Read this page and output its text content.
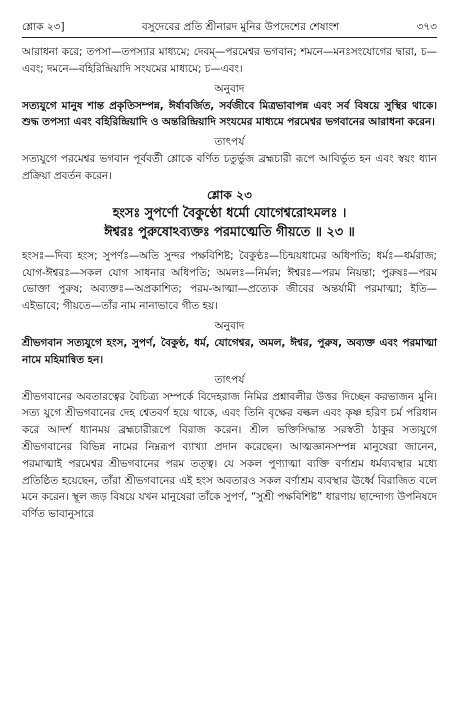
শ্লোক ২৩]	বসুদেবের প্রতি শ্রীনারদ মুনির উপদেশের শেষাংশ	৩৭৩

আরাধনা করে; তপসা—তপস্যার মাধ্যমে; দেবম্—পরমেশ্বর ভগবান; শমনে—মনঃসংযোগের দ্বারা, চ—এবং; দমনে—বহিরিন্দ্রিয়াদি সংযমের মাধ্যমে; চ—এবং।

অনুবাদ

সত্যযুগে মানুষ শান্ত প্রকৃতিসম্পন্ন, ঈর্ষাবর্জিত, সর্বজীবে মিত্রভাবাপন্ন এবং সর্ব বিষয়ে সুস্থির থাকে। শুদ্ধ তপস্যা এবং বহিরিন্দ্রিয়াদি ও অন্তরিন্দ্রিয়াদি সংযমের মাধ্যমে পরমেশ্বর ভগবানের আরাধনা করেন।

তাৎপর্য

সত্যযুগে পরমেশ্বর ভগবান পূর্ববর্তী শ্লোকে বর্ণিত চতুর্ভুজ ব্রহ্মচারী রূপে আবির্ভূত হন এবং স্বয়ং ধ্যান প্রক্রিয়া প্রবর্তন করেন।

শ্লোক ২৩
হংসঃ সুপর্ণো বৈকুণ্ঠো ধর্মো যোগেশ্বরোঽমলঃ ।
ঈশ্বরঃ পুরুষোঽব্যক্তঃ পরমাত্মেতি গীয়তে ॥ ২৩ ॥

হংসঃ—দিব্য হংস; সুপর্ণঃ—অতি সুন্দর পক্ষবিশিষ্ট; বৈকুণ্ঠঃ—চিন্ময়ধামের অধিপতি; ধর্মঃ—ধর্মরাজ; যোগ-ঈশ্বরঃ—সকল যোগ সাধনার অধিপতি; অমলঃ—নির্মল; ঈশ্বরঃ—পরম নিয়ন্তা; পুরুষঃ—পরম ভোক্তা পুরুষ; অব্যক্তঃ—অপ্রকাশিত; পরম-আত্মা—প্রত্যেক জীবের অন্তর্যামী পরমাত্মা; ইতি—এইভাবে; গীয়তে—তাঁর নাম নানাভাবে গীত হয়।

অনুবাদ

শ্রীভগবান সত্যযুগে হংস, সুপর্ণ, বৈকুণ্ঠ, ধর্ম, যোগেশ্বর, অমল, ঈশ্বর, পুরুষ, অব্যক্ত এবং পরমাত্মা নামে মহিমান্বিত হন।

তাৎপর্য

শ্রীভগবানের অবতারত্বের বৈচিত্র্য সম্পর্কে বিদেহরাজ নিমির প্রশ্নাবলীর উত্তর দিচ্ছেন করভাজন মুনি। সত্য যুগে শ্রীভগবানের দেহ শ্বেতবর্ণ হয়ে থাকে, এবং তিনি বৃক্ষের বল্কল এবং কৃষ্ণ হরিণ চর্ম পরিধান করে আদর্শ ধ্যানময় ব্রহ্মচারীরূপে বিরাজ করেন। শ্রীল ভক্তিসিদ্ধান্ত সরস্বতী ঠাকুর সত্যযুগে শ্রীভগবানের বিভিন্ন নামের নিম্নরূপ ব্যাখ্যা প্রদান করেছেন। আত্মজ্ঞানসম্পন্ন মানুষেরা জানেন, পরমাত্মাই পরমেশ্বর শ্রীভগবানের পরম তত্ত্ব। যে সকল পুণ্যাত্মা ব্যক্তি বর্ণাশ্রম ধর্মব্যবস্থার মধ্যে প্রতিষ্ঠিত হয়েছেন, তাঁরা শ্রীভগবানের এই হংস অবতারও সকল বর্ণাশ্রম ব্যবস্থার ঊর্ধ্বে বিরাজিত বলে মনে করেন। স্থূল জড় বিষয়ে যখন মানুষেরা তাঁকে সুপর্ণ, “সুশ্রী পক্ষবিশিষ্ট” ধারণায় ছান্দোগ্য উপনিষদে বর্ণিত ভাবানুসারে
